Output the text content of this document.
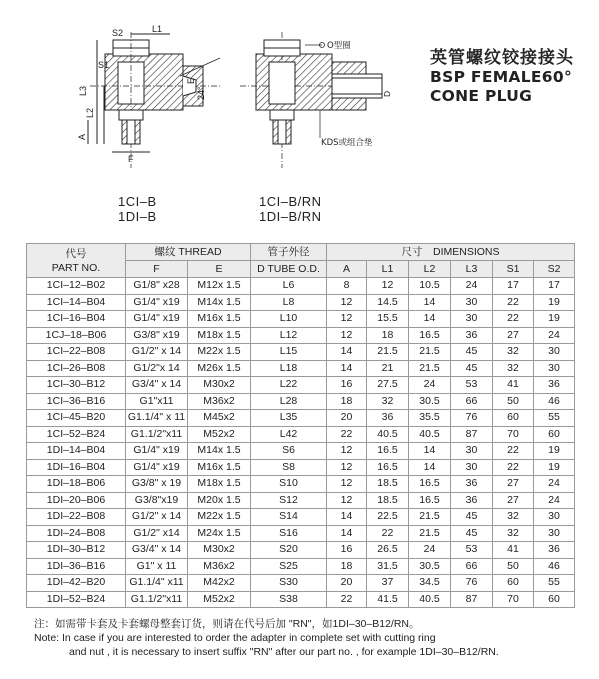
S2	L1
S1
L3
L2
A
E
24°
F
O型圈
KDS或组合垫
D
英管螺纹铰接接头
BSP FEMALE60°
CONE PLUG
1CI–B
1DI–B
1CI–B/RN
1DI–B/RN
代号
PART NO.	螺纹 THREAD		管子外径	尺寸　DIMENSIONS					
	F	E	D TUBE O.D.	A	L1	L2	L3	S1	S2
1CI–12–B02	G1/8" x28	M12x 1.5	L6	8	12	10.5	24	17	17
1CI–14–B04	G1/4" x19	M14x 1.5	L8	12	14.5	14	30	22	19
1CI–16–B04	G1/4" x19	M16x 1.5	L10	12	15.5	14	30	22	19
1CJ–18–B06	G3/8" x19	M18x 1.5	L12	12	18	16.5	36	27	24
1CI–22–B08	G1/2" x 14	M22x 1.5	L15	14	21.5	21.5	45	32	30
1CI–26–B08	G1/2"x 14	M26x 1.5	L18	14	21	21.5	45	32	30
1CI–30–B12	G3/4" x 14	M30x2	L22	16	27.5	24	53	41	36
1CI–36–B16	G1"x11	M36x2	L28	18	32	30.5	66	50	46
1CI–45–B20	G1.1/4" x 11	M45x2	L35	20	36	35.5	76	60	55
1CI–52–B24	G1.1/2"x11	M52x2	L42	22	40.5	40.5	87	70	60
1DI–14–B04	G1/4" x19	M14x 1.5	S6	12	16.5	14	30	22	19
1DI–16–B04	G1/4" x19	M16x 1.5	S8	12	16.5	14	30	22	19
1DI–18–B06	G3/8" x 19	M18x 1.5	S10	12	18.5	16.5	36	27	24
1DI–20–B06	G3/8"x19	M20x 1.5	S12	12	18.5	16.5	36	27	24
1DI–22–B08	G1/2" x 14	M22x 1.5	S14	14	22.5	21.5	45	32	30
1DI–24–B08	G1/2" x14	M24x 1.5	S16	14	22	21.5	45	32	30
1DI–30–B12	G3/4" x 14	M30x2	S20	16	26.5	24	53	41	36
1DI–36–B16	G1" x 11	M36x2	S25	18	31.5	30.5	66	50	46
1DI–42–B20	G1.1/4" x11	M42x2	S30	20	37	34.5	76	60	55
1DI–52–B24	G1.1/2"x11	M52x2	S38	22	41.5	40.5	87	70	60
注：如需带卡套及卡套螺母整套订货，则请在代号后加 "RN"，如1DI–30–B12/RN。
Note: In case if you are interested to order the adapter in complete set with cutting ring
and nut , it is necessary to insert suffix "RN" after our part no. , for example 1DI–30–B12/RN.
